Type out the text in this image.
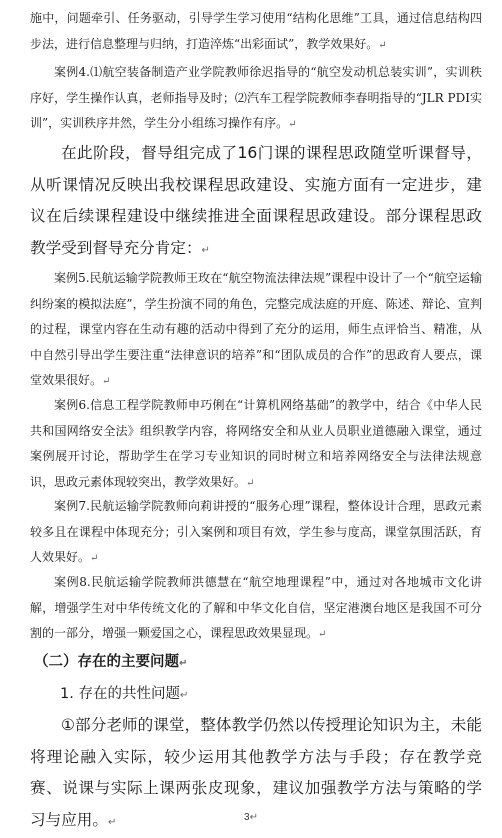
施中，问题牵引、任务驱动，引导学生学习使用“结构化思维”工具，通过信息结构四步法，进行信息整理与归纳，打造淬炼“出彩面试”，教学效果好。↵

案例4.⑴航空装备制造产业学院教师徐迟指导的“航空发动机总装实训”，实训秩序好，学生操作认真，老师指导及时；⑵汽车工程学院教师李春明指导的“JLR PDI实训”，实训秩序井然，学生分小组练习操作有序。↵

在此阶段，督导组完成了16门课的课程思政随堂听课督导，从听课情况反映出我校课程思政建设、实施方面有一定进步，建议在后续课程建设中继续推进全面课程思政建设。部分课程思政教学受到督导充分肯定：↵

案例5.民航运输学院教师王玫在“航空物流法律法规”课程中设计了一个“航空运输纠纷案的模拟法庭”，学生扮演不同的角色，完整完成法庭的开庭、陈述、辩论、宣判的过程，课堂内容在生动有趣的活动中得到了充分的运用，师生点评恰当、精准，从中自然引导出学生要注重“法律意识的培养”和“团队成员的合作”的思政育人要点，课堂效果很好。↵

案例6.信息工程学院教师申巧俐在“计算机网络基础”的教学中，结合《中华人民共和国网络安全法》组织教学内容，将网络安全和从业人员职业道德融入课堂，通过案例展开讨论，帮助学生在学习专业知识的同时树立和培养网络安全与法律法规意识，思政元素体现较突出，教学效果好。↵

案例7.民航运输学院教师向莉讲授的“服务心理”课程，整体设计合理，思政元素较多且在课程中体现充分；引入案例和项目有效，学生参与度高，课堂氛围活跃，育人效果好。↵

案例8.民航运输学院教师洪德慧在“航空地理课程”中，通过对各地城市文化讲解，增强学生对中华传统文化的了解和中华文化自信，坚定港澳台地区是我国不可分割的一部分，增强一颗爱国之心，课程思政效果显现。↵

（二）存在的主要问题↵

1. 存在的共性问题↵

①部分老师的课堂，整体教学仍然以传授理论知识为主，未能将理论融入实际，较少运用其他教学方法与手段；存在教学竞赛、说课与实际上课两张皮现象，建议加强教学方法与策略的学习与应用。↵	3↵
